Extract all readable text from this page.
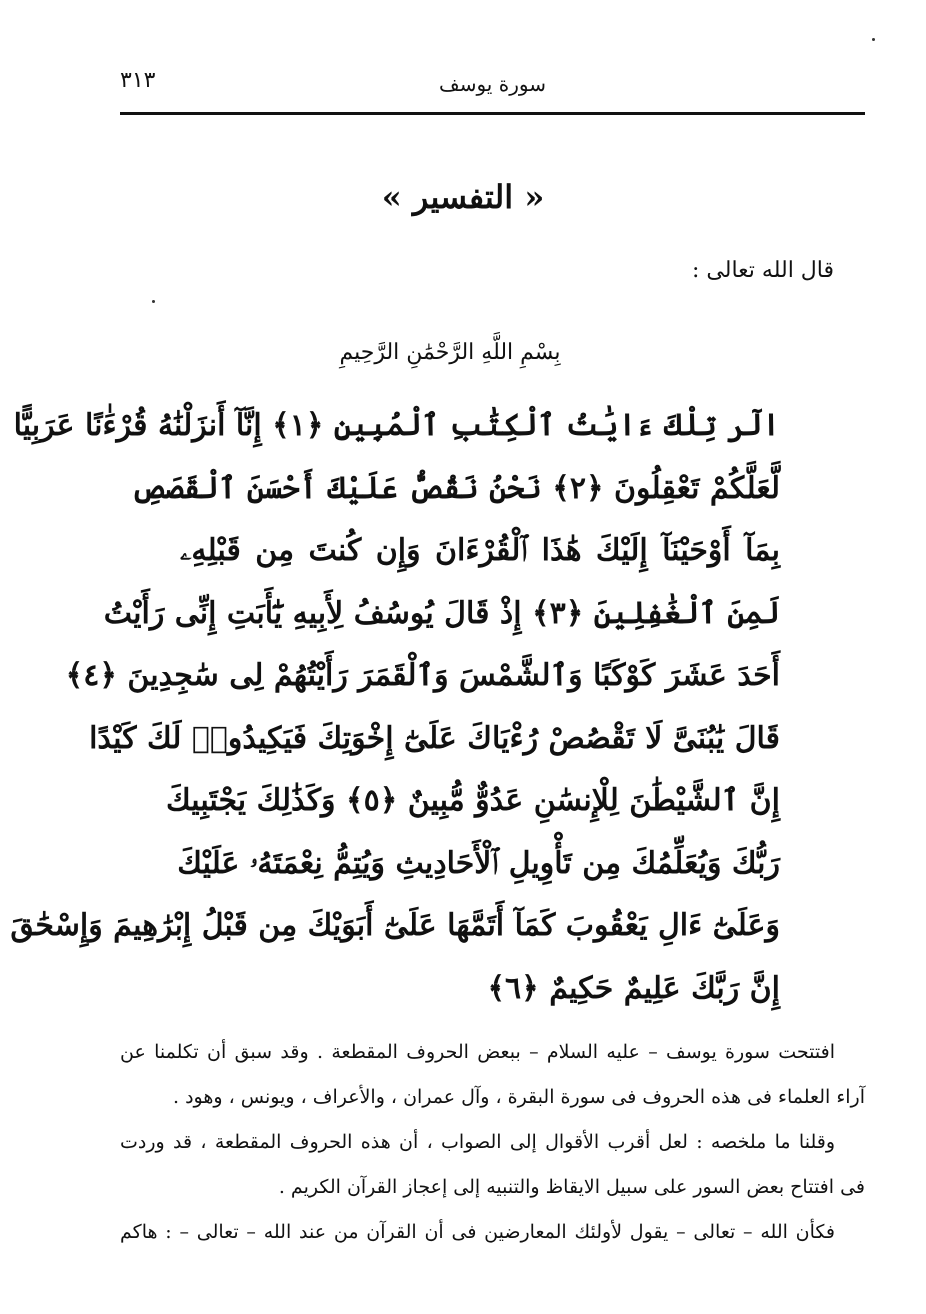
٣١٣	سورة يوسف
« التفسير »
قال الله تعالى :
بِسْمِ اللَّهِ الرَّحْمَٰنِ الرَّحِيمِ
الٓر تِلْكَ ءَايَٰتُ ٱلْكِتَٰبِ ٱلْمُبِينِ ﴿١﴾ إِنَّآ أَنزَلْنَٰهُ قُرْءَٰنًا عَرَبِيًّا
لَّعَلَّكُمْ تَعْقِلُونَ ﴿٢﴾ نَحْنُ نَقُصُّ عَلَيْكَ أَحْسَنَ ٱلْقَصَصِ
بِمَآ أَوْحَيْنَآ إِلَيْكَ هَٰذَا ٱلْقُرْءَانَ وَإِن كُنتَ مِن قَبْلِهِۦ
لَمِنَ ٱلْغَٰفِلِينَ ﴿٣﴾ إِذْ قَالَ يُوسُفُ لِأَبِيهِ يَٰٓأَبَتِ إِنِّى رَأَيْتُ
أَحَدَ عَشَرَ كَوْكَبًا وَٱلشَّمْسَ وَٱلْقَمَرَ رَأَيْتُهُمْ لِى سَٰجِدِينَ ﴿٤﴾
قَالَ يَٰبُنَىَّ لَا تَقْصُصْ رُءْيَاكَ عَلَىٰٓ إِخْوَتِكَ فَيَكِيدُوا۟ لَكَ كَيْدًا
إِنَّ ٱلشَّيْطَٰنَ لِلْإِنسَٰنِ عَدُوٌّ مُّبِينٌ ﴿٥﴾ وَكَذَٰلِكَ يَجْتَبِيكَ
رَبُّكَ وَيُعَلِّمُكَ مِن تَأْوِيلِ ٱلْأَحَادِيثِ وَيُتِمُّ نِعْمَتَهُۥ عَلَيْكَ
وَعَلَىٰٓ ءَالِ يَعْقُوبَ كَمَآ أَتَمَّهَا عَلَىٰٓ أَبَوَيْكَ مِن قَبْلُ إِبْرَٰهِيمَ وَإِسْحَٰقَ
إِنَّ رَبَّكَ عَلِيمٌ حَكِيمٌ ﴿٦﴾
افتتحت سورة يوسف – عليه السلام – ببعض الحروف المقطعة . وقد سبق أن تكلمنا عن
آراء العلماء فى هذه الحروف فى سورة البقرة ، وآل عمران ، والأعراف ، ويونس ، وهود .
وقلنا ما ملخصه : لعل أقرب الأقوال إلى الصواب ، أن هذه الحروف المقطعة ، قد وردت
فى افتتاح بعض السور على سبيل الايقاظ والتنبيه إلى إعجاز القرآن الكريم .
فكأن الله – تعالى – يقول لأولئك المعارضين فى أن القرآن من عند الله – تعالى – : هاكم
